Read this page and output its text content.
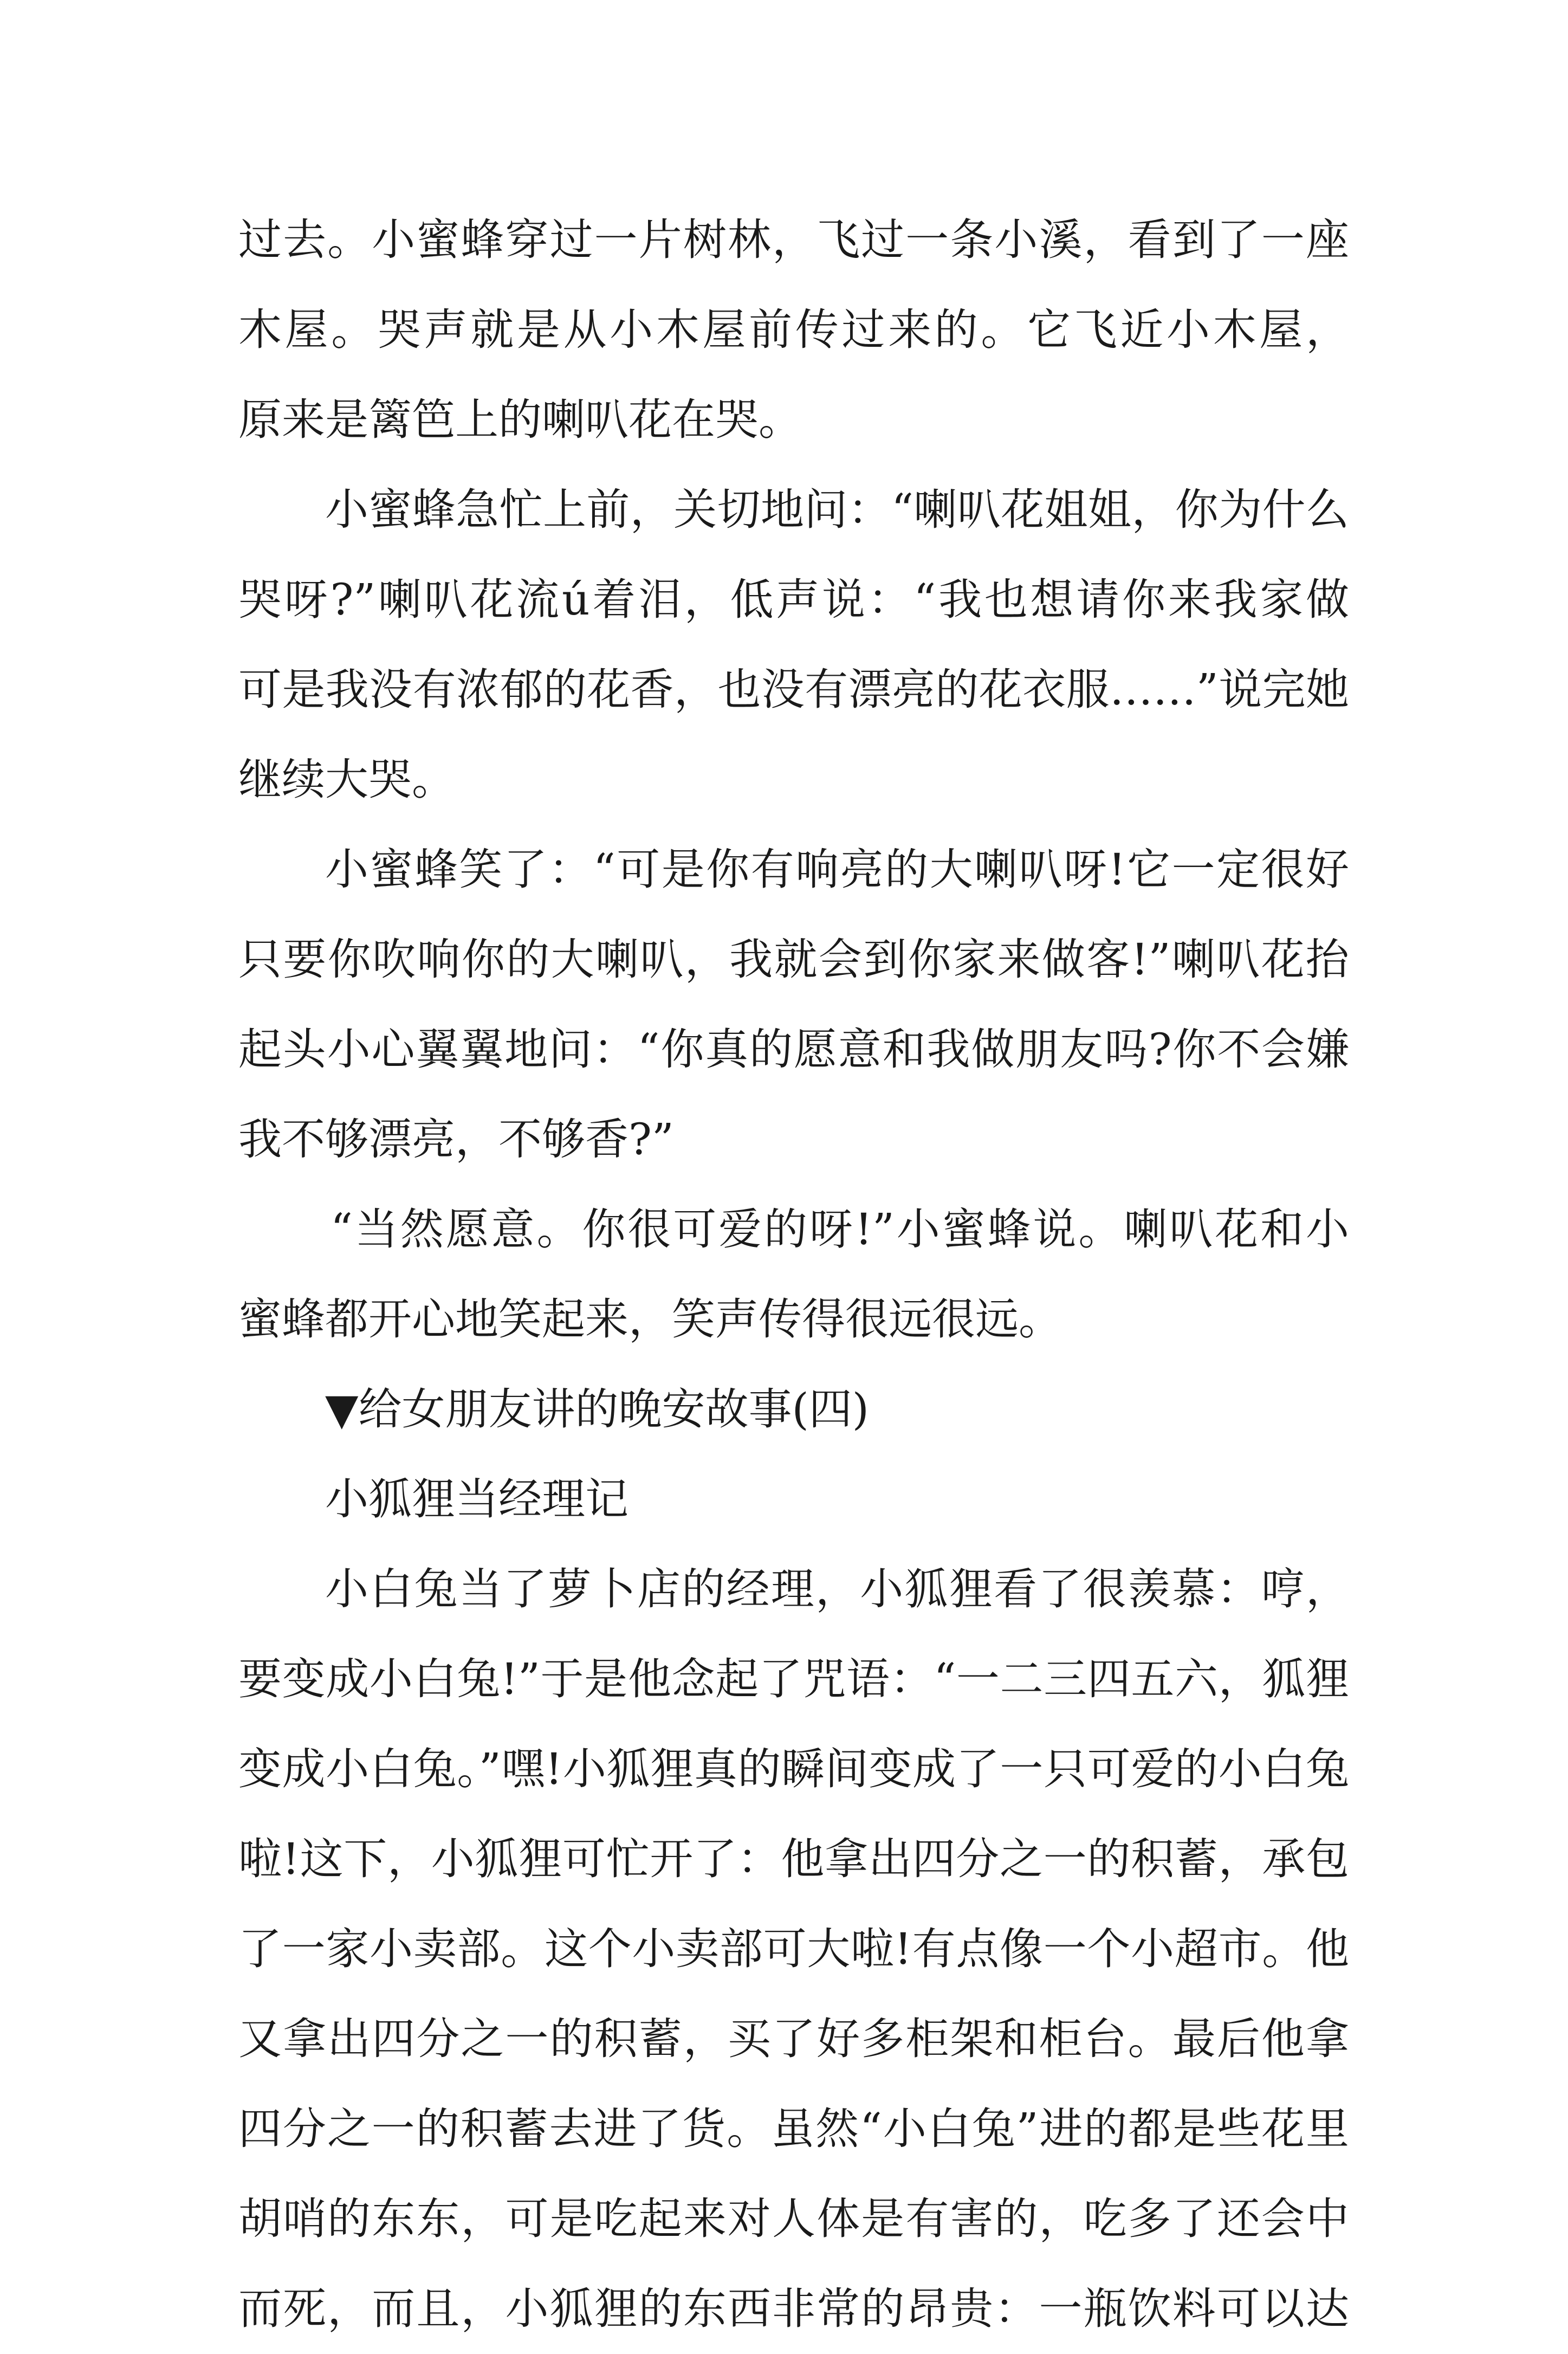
过去。小蜜蜂穿过一片树林，飞过一条小溪，看到了一座
木屋。哭声就是从小木屋前传过来的。它飞近小木屋，
原来是篱笆上的喇叭花在哭。
小蜜蜂急忙上前，关切地问：“喇叭花姐姐，你为什么
哭呀?”喇叭花流ú着泪，低声说：“我也想请你来我家做
可是我没有浓郁的花香，也没有漂亮的花衣服……”说完她
继续大哭。
小蜜蜂笑了：“可是你有响亮的大喇叭呀!它一定很好
只要你吹响你的大喇叭，我就会到你家来做客!”喇叭花抬
起头小心翼翼地问：“你真的愿意和我做朋友吗?你不会嫌
我不够漂亮，不够香?”
“当然愿意。你很可爱的呀!”小蜜蜂说。喇叭花和小
蜜蜂都开心地笑起来，笑声传得很远很远。
▼给女朋友讲的晚安故事(四)
小狐狸当经理记
小白兔当了萝卜店的经理，小狐狸看了很羡慕：哼，
要变成小白兔!”于是他念起了咒语：“一二三四五六，狐狸
变成小白兔。”嘿!小狐狸真的瞬间变成了一只可爱的小白兔
啦!这下，小狐狸可忙开了：他拿出四分之一的积蓄，承包
了一家小卖部。这个小卖部可大啦!有点像一个小超市。他
又拿出四分之一的积蓄，买了好多柜架和柜台。最后他拿
四分之一的积蓄去进了货。虽然“小白兔”进的都是些花里
胡哨的东东，可是吃起来对人体是有害的，吃多了还会中
而死，而且，小狐狸的东西非常的昂贵：一瓶饮料可以达
